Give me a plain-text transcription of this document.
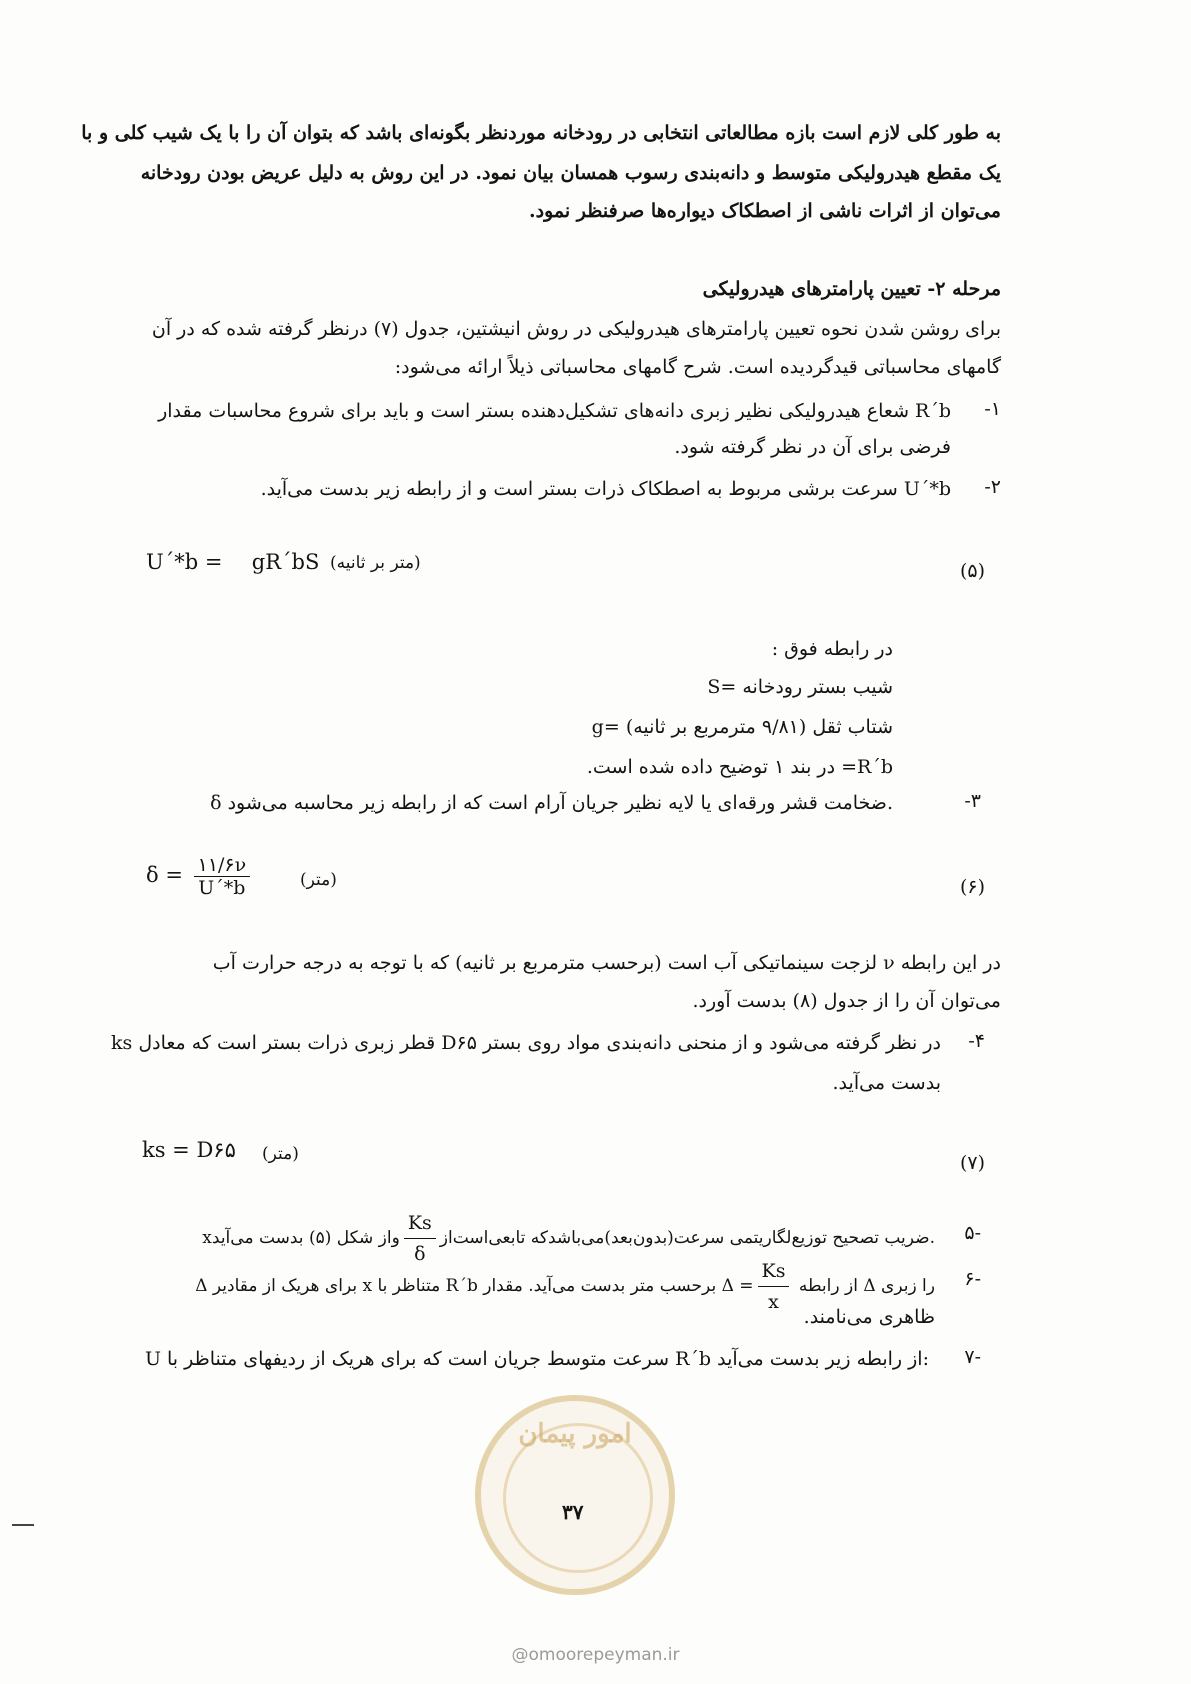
به طور کلی لازم است بازه مطالعاتی انتخابی در رودخانه موردنظر بگونه‌ای باشد که بتوان آن را با یک شیب کلی و با
یک مقطع هیدرولیکی متوسط و دانه‌بندی رسوب همسان بیان نمود. در این روش به دلیل عریض بودن رودخانه
می‌توان از اثرات ناشی از اصطکاک دیواره‌ها صرفنظر نمود.
مرحله ۲- تعیین پارامترهای هیدرولیکی
برای روشن شدن نحوه تعیین پارامترهای هیدرولیکی در روش انیشتین، جدول (۷) درنظر گرفته شده که در آن
گامهای محاسباتی قیدگردیده است. شرح گامهای محاسباتی ذیلاً ارائه می‌شود:
۱-
R´b شعاع هیدرولیکی نظیر زبری دانه‌های تشکیل‌دهنده بستر است و باید برای شروع محاسبات مقدار
فرضی برای آن در نظر گرفته شود.
۲-
U´*b سرعت برشی مربوط به اصطکاک ذرات بستر است و از رابطه زیر بدست می‌آید.
U´*b = gR´bS (متر بر ثانیه)	(۵)
در رابطه فوق :
S= شیب بستر رودخانه
g= شتاب ثقل (۹/۸۱ مترمربع بر ثانیه)
R´b= در بند ۱ توضیح داده شده است.
۳-
δ ضخامت قشر ورقه‌ای یا لایه نظیر جریان آرام است که از رابطه زیر محاسبه می‌شود.
$\delta = \frac{۱۱/۶\nu}{U´*b}$	(متر)	(۶)
در این رابطه ν لزجت سینماتیکی آب است (برحسب مترمربع بر ثانیه) که با توجه به درجه حرارت آب
می‌توان آن را از جدول (۸) بدست آورد.
۴-
ks قطر زبری ذرات بستر است که معادل D۶۵ در نظر گرفته می‌شود و از منحنی دانه‌بندی مواد روی بستر
بدست می‌آید.
ks = D۶۵ (متر)	(۷)
-۵
x	ضریب تصحیح توزیع‌لگاریتمی سرعت(بدون‌بعد)می‌باشدکه تابعی‌است‌از
$\frac{Ks}{\delta}$
واز شکل (۵) بدست می‌آید.
-۶
Δ برای هریک از مقادیر x متناظر با R´b از رابطه $\Delta = \frac{Ks}{x}$
برحسب متر بدست می‌آید. مقدار Δ را زبری
ظاهری می‌نامند.
-۷
U سرعت متوسط جریان است که برای هریک از ردیفهای متناظر با R´b از رابطه زیر بدست می‌آید:
امور پیمان
۳۷
@omoorepeyman.ir
